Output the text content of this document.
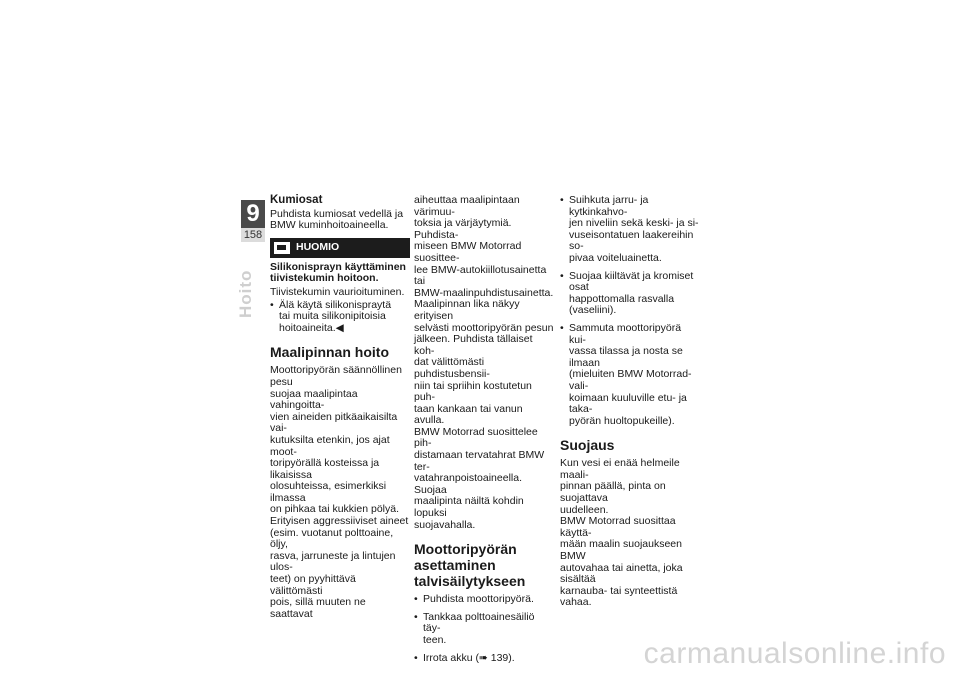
9
158
Hoito
Kumiosat

Puhdista kumiosat vedellä ja
BMW kuminhoitoaineella.

HUOMIO
Silikonisprayn käyttäminen
tiivistekumin hoitoon.

Tiivistekumin vaurioituminen.

• Älä käytä silikonispraytä
tai muita silikonipitoisia
hoitoaineita.◀
Maalipinnan hoito

Moottoripyörän säännöllinen pesu
suojaa maalipintaa vahingoitta-
vien aineiden pitkäaikaisilta vai-
kutuksilta etenkin, jos ajat moot-
toripyörällä kosteissa ja likaisissa
olosuhteissa, esimerkiksi ilmassa
on pihkaa tai kukkien pölyä.
Erityisen aggressiiviset aineet
(esim. vuotanut polttoaine, öljy,
rasva, jarruneste ja lintujen ulos-
teet) on pyyhittävä välittömästi
pois, sillä muuten ne saattavat

aiheuttaa maalipintaan värimuu-
toksia ja värjäytymiä. Puhdista-
miseen BMW Motorrad suosittee-
lee BMW-autokiillotusainetta tai
BMW-maalinpuhdistusainetta.
Maalipinnan lika näkyy erityisen
selvästi moottoripyörän pesun
jälkeen. Puhdista tällaiset koh-
dat välittömästi puhdistusbensii-
niin tai spriihin kostutetun puh-
taan kankaan tai vanun avulla.
BMW Motorrad suosittelee pih-
distamaan tervatahrat BMW ter-
vatahranpoistoaineella. Suojaa
maalipinta näiltä kohdin lopuksi
suojavahalla.

Moottoripyörän
asettaminen
talvisäilytykseen
• Puhdista moottoripyörä.
• Tankkaa polttoainesäiliö täy-
teen.
• Irrota akku (➠ 139).
• Suihkuta jarru- ja kytkinkahvo-
jen niveliin sekä keski- ja si-
vuseisontatuen laakereihin so-
pivaa voiteluainetta.
• Suojaa kiiltävät ja kromiset osat
happottomalla rasvalla (vaseliini).
• Sammuta moottoripyörä kui-
vassa tilassa ja nosta se ilmaan
(mieluiten BMW Motorrad-vali-
koimaan kuuluville etu- ja taka-
pyörän huoltopukeille).
Suojaus

Kun vesi ei enää helmeile maali-
pinnan päällä, pinta on suojattava
uudelleen.
BMW Motorrad suosittaa käyttä-
mään maalin suojaukseen BMW
autovahaa tai ainetta, joka sisältää
karnauba- tai synteettistä vahaa.

carmanualsonline.info
